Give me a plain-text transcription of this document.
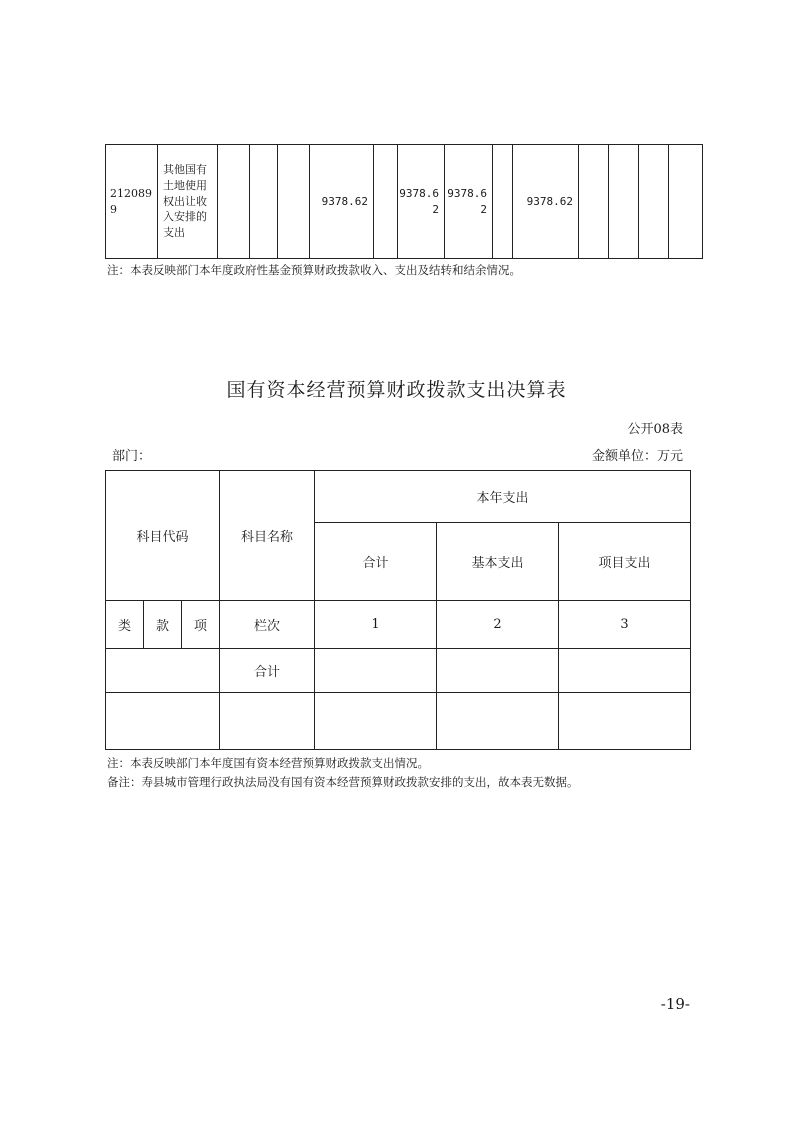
2120899	其他国有土地使用权出让收入安排的支出				9378.62		9378.62	9378.62		9378.62				
注：本表反映部门本年度政府性基金预算财政拨款收入、支出及结转和结余情况。
国有资本经营预算财政拨款支出决算表
公开08表
部门：	金额单位：万元
科目代码			科目名称	本年支出		
				合计	基本支出	项目支出
类	款	项	栏次	1	2	3
			合计			

注：本表反映部门本年度国有资本经营预算财政拨款支出情况。
备注：寿县城市管理行政执法局没有国有资本经营预算财政拨款安排的支出，故本表无数据。
-19-
